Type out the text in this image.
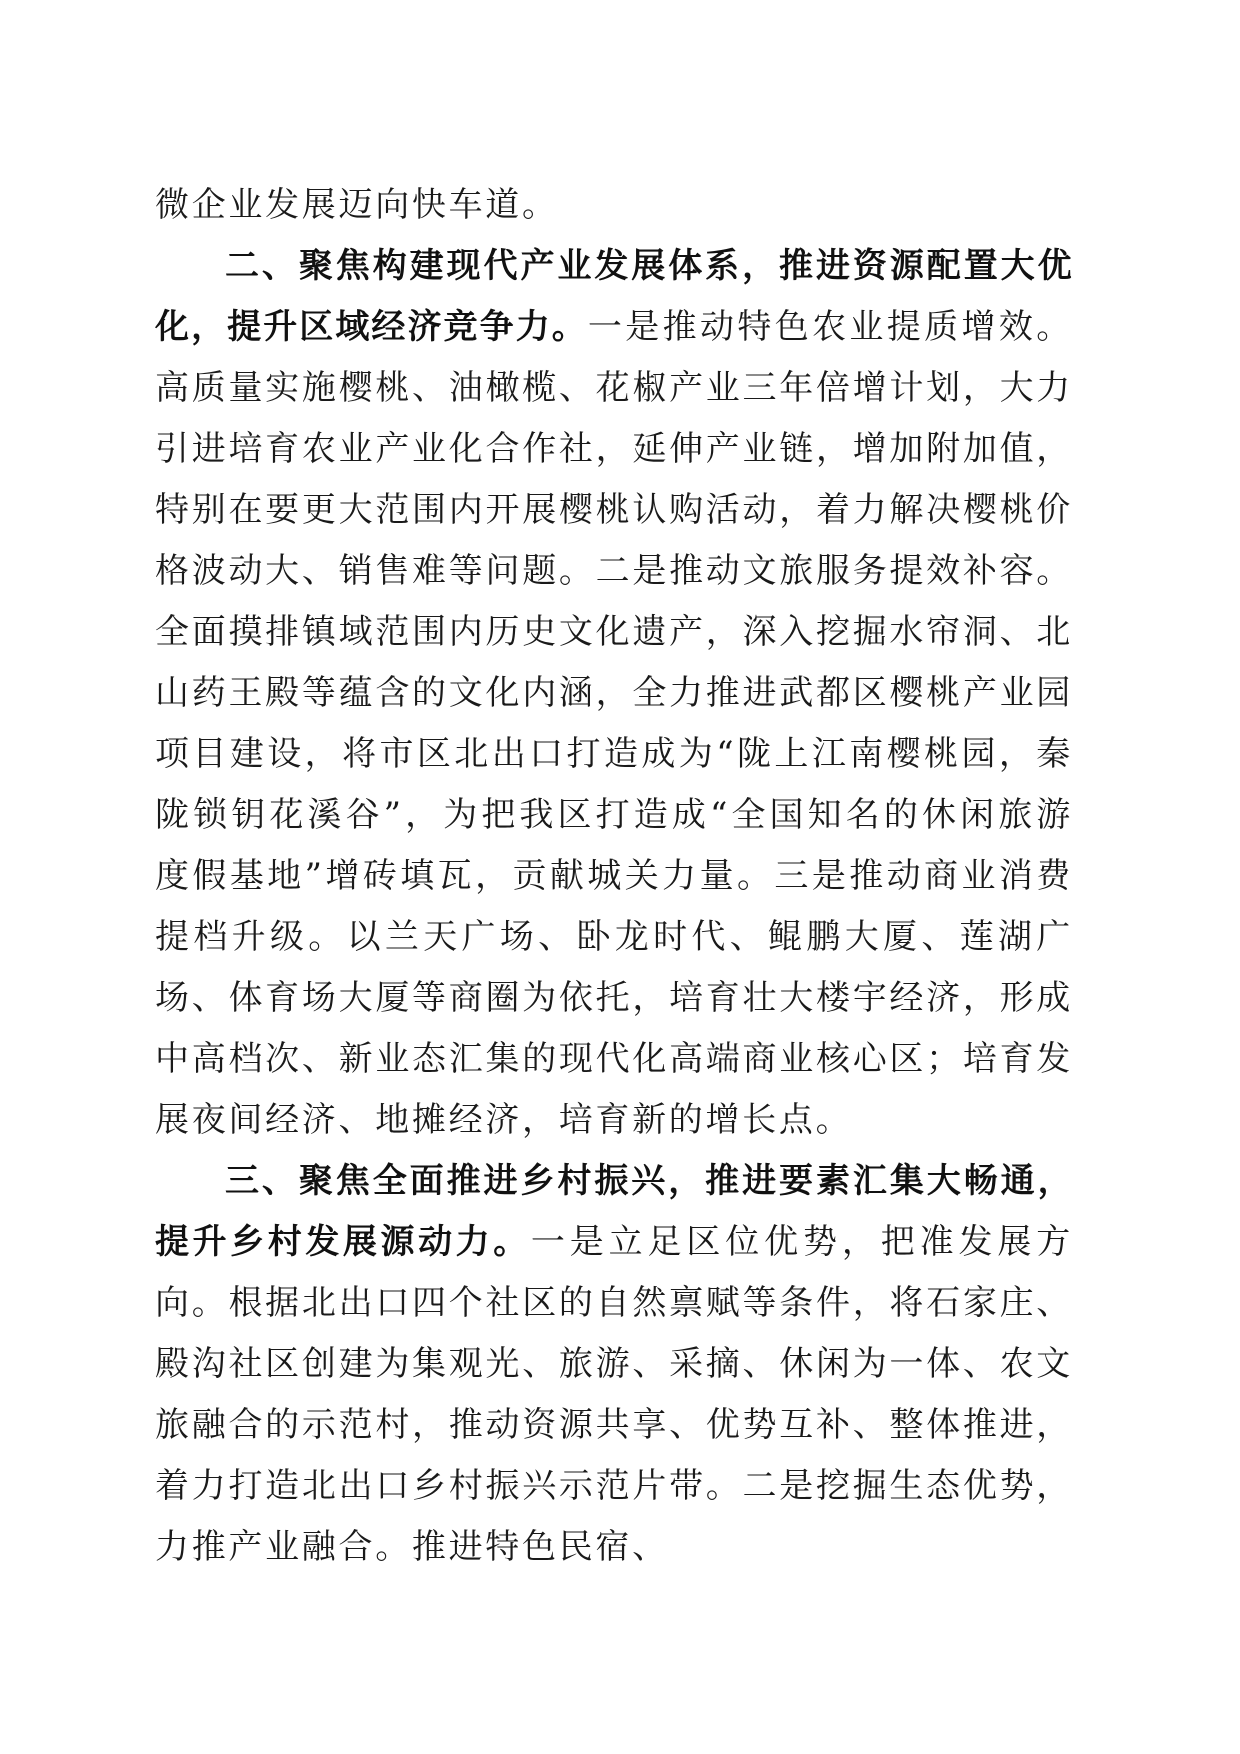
微企业发展迈向快车道。

二、聚焦构建现代产业发展体系，推进资源配置大优化，提升区域经济竞争力。一是推动特色农业提质增效。高质量实施樱桃、油橄榄、花椒产业三年倍增计划，大力引进培育农业产业化合作社，延伸产业链，增加附加值，特别在要更大范围内开展樱桃认购活动，着力解决樱桃价格波动大、销售难等问题。二是推动文旅服务提效补容。全面摸排镇域范围内历史文化遗产，深入挖掘水帘洞、北山药王殿等蕴含的文化内涵，全力推进武都区樱桃产业园项目建设，将市区北出口打造成为“陇上江南樱桃园，秦陇锁钥花溪谷”，为把我区打造成“全国知名的休闲旅游度假基地”增砖填瓦，贡献城关力量。三是推动商业消费提档升级。以兰天广场、卧龙时代、鲲鹏大厦、莲湖广场、体育场大厦等商圈为依托，培育壮大楼宇经济，形成中高档次、新业态汇集的现代化高端商业核心区；培育发展夜间经济、地摊经济，培育新的增长点。

三、聚焦全面推进乡村振兴，推进要素汇集大畅通，提升乡村发展源动力。一是立足区位优势，把准发展方向。根据北出口四个社区的自然禀赋等条件，将石家庄、殿沟社区创建为集观光、旅游、采摘、休闲为一体、农文旅融合的示范村，推动资源共享、优势互补、整体推进，着力打造北出口乡村振兴示范片带。二是挖掘生态优势，力推产业融合。推进特色民宿、
